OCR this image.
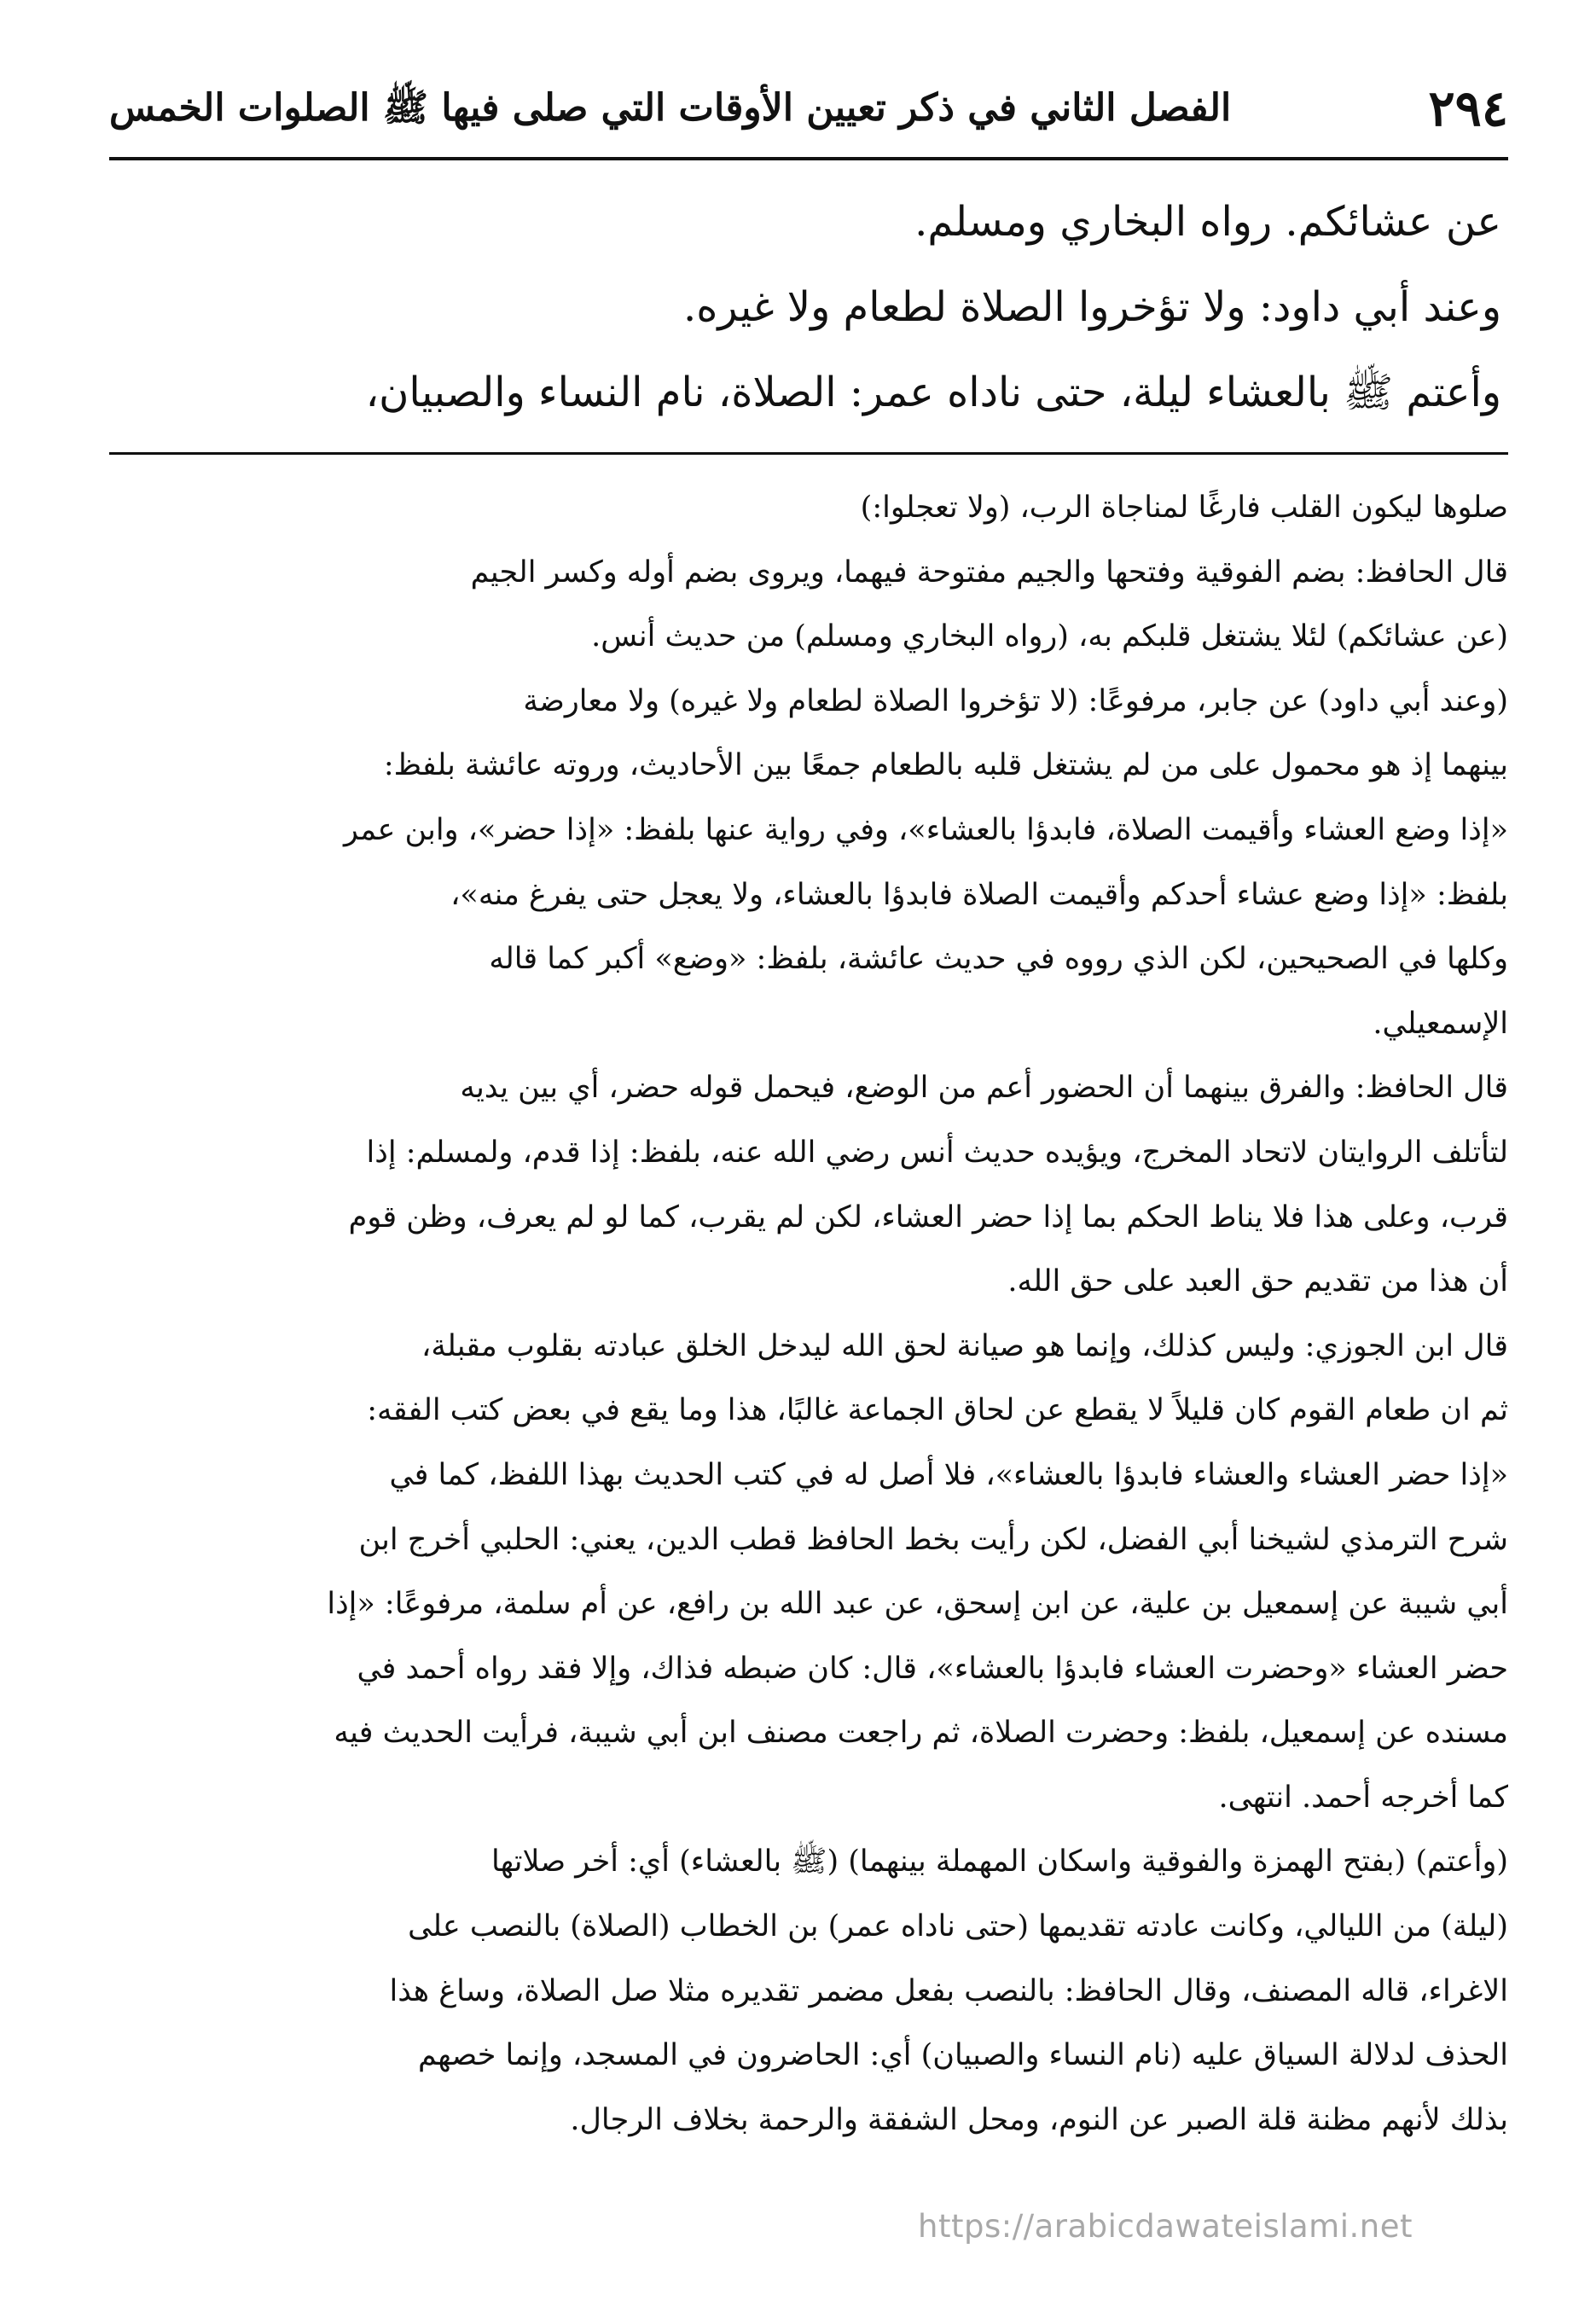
٢٩٤
الفصل الثاني في ذكر تعيين الأوقات التي صلى فيها ﷺ الصلوات الخمس
عن عشائكم. رواه البخاري ومسلم.
وعند أبي داود: ولا تؤخروا الصلاة لطعام ولا غيره.
وأعتم ﷺ بالعشاء ليلة، حتى ناداه عمر: الصلاة، نام النساء والصبيان،
صلوها ليكون القلب فارغًا لمناجاة الرب، (ولا تعجلوا:)
قال الحافظ: بضم الفوقية وفتحها والجيم مفتوحة فيهما، ويروى بضم أوله وكسر الجيم
(عن عشائكم) لئلا يشتغل قلبكم به، (رواه البخاري ومسلم) من حديث أنس.
(وعند أبي داود) عن جابر، مرفوعًا: (لا تؤخروا الصلاة لطعام ولا غيره) ولا معارضة
بينهما إذ هو محمول على من لم يشتغل قلبه بالطعام جمعًا بين الأحاديث، وروته عائشة بلفظ:
«إذا وضع العشاء وأقيمت الصلاة، فابدؤا بالعشاء»، وفي رواية عنها بلفظ: «إذا حضر»، وابن عمر
بلفظ: «إذا وضع عشاء أحدكم وأقيمت الصلاة فابدؤا بالعشاء، ولا يعجل حتى يفرغ منه»،
وكلها في الصحيحين، لكن الذي رووه في حديث عائشة، بلفظ: «وضع» أكبر كما قاله
الإسمعيلي.
قال الحافظ: والفرق بينهما أن الحضور أعم من الوضع، فيحمل قوله حضر، أي بين يديه
لتأتلف الروايتان لاتحاد المخرج، ويؤيده حديث أنس رضي الله عنه، بلفظ: إذا قدم، ولمسلم: إذا
قرب، وعلى هذا فلا يناط الحكم بما إذا حضر العشاء، لكن لم يقرب، كما لو لم يعرف، وظن قوم
أن هذا من تقديم حق العبد على حق الله.
قال ابن الجوزي: وليس كذلك، وإنما هو صيانة لحق الله ليدخل الخلق عبادته بقلوب مقبلة،
ثم ان طعام القوم كان قليلاً لا يقطع عن لحاق الجماعة غالبًا، هذا وما يقع في بعض كتب الفقه:
«إذا حضر العشاء والعشاء فابدؤا بالعشاء»، فلا أصل له في كتب الحديث بهذا اللفظ، كما في
شرح الترمذي لشيخنا أبي الفضل، لكن رأيت بخط الحافظ قطب الدين، يعني: الحلبي أخرج ابن
أبي شيبة عن إسمعيل بن علية، عن ابن إسحق، عن عبد الله بن رافع، عن أم سلمة، مرفوعًا: «إذا
حضر العشاء «وحضرت العشاء فابدؤا بالعشاء»، قال: كان ضبطه فذاك، وإلا فقد رواه أحمد في
مسنده عن إسمعيل، بلفظ: وحضرت الصلاة، ثم راجعت مصنف ابن أبي شيبة، فرأيت الحديث فيه
كما أخرجه أحمد. انتهى.
(وأعتم) (بفتح الهمزة والفوقية واسكان المهملة بينهما) (ﷺ بالعشاء) أي: أخر صلاتها
(ليلة) من الليالي، وكانت عادته تقديمها (حتى ناداه عمر) بن الخطاب (الصلاة) بالنصب على
الاغراء، قاله المصنف، وقال الحافظ: بالنصب بفعل مضمر تقديره مثلا صل الصلاة، وساغ هذا
الحذف لدلالة السياق عليه (نام النساء والصبيان) أي: الحاضرون في المسجد، وإنما خصهم
بذلك لأنهم مظنة قلة الصبر عن النوم، ومحل الشفقة والرحمة بخلاف الرجال.
https://arabicdawateislami.net
